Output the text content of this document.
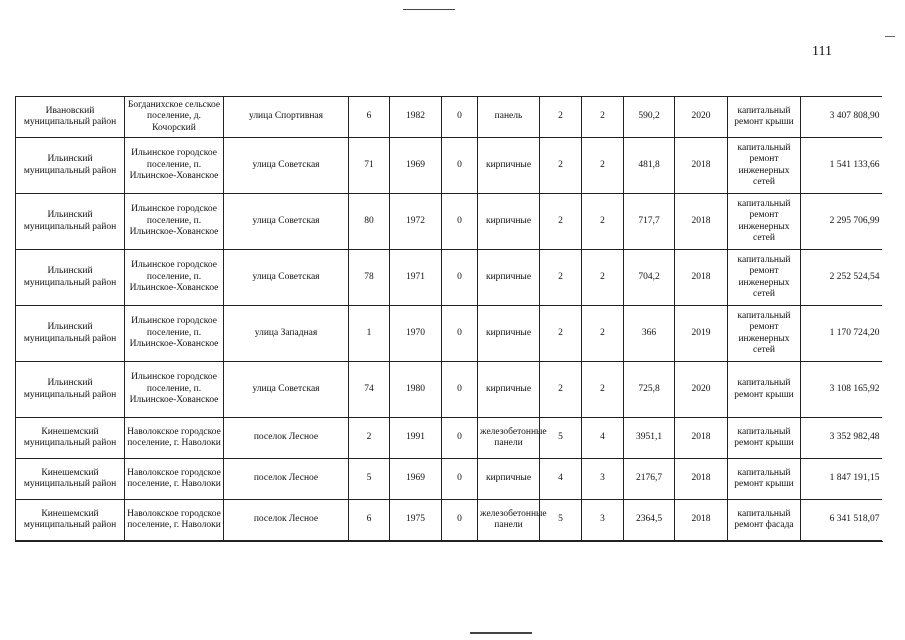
111
Ивановский муниципальный район	Богданихское сельское поселение, д. Кочорский	улица Спортивная	6	1982	0	панель	2	2	590,2	2020	капитальный ремонт крыши	3 407 808,90
Ильинский муниципальный район	Ильинское городское поселение, п. Ильинское-Хованское	улица Советская	71	1969	0	кирпичные	2	2	481,8	2018	капитальный ремонт инженерных сетей	1 541 133,66
Ильинский муниципальный район	Ильинское городское поселение, п. Ильинское-Хованское	улица Советская	80	1972	0	кирпичные	2	2	717,7	2018	капитальный ремонт инженерных сетей	2 295 706,99
Ильинский муниципальный район	Ильинское городское поселение, п. Ильинское-Хованское	улица Советская	78	1971	0	кирпичные	2	2	704,2	2018	капитальный ремонт инженерных сетей	2 252 524,54
Ильинский муниципальный район	Ильинское городское поселение, п. Ильинское-Хованское	улица Западная	1	1970	0	кирпичные	2	2	366	2019	капитальный ремонт инженерных сетей	1 170 724,20
Ильинский муниципальный район	Ильинское городское поселение, п. Ильинское-Хованское	улица Советская	74	1980	0	кирпичные	2	2	725,8	2020	капитальный ремонт крыши	3 108 165,92
Кинешемский муниципальный район	Наволокское городское поселение, г. Наволоки	поселок Лесное	2	1991	0	железобетонные панели	5	4	3951,1	2018	капитальный ремонт крыши	3 352 982,48
Кинешемский муниципальный район	Наволокское городское поселение, г. Наволоки	поселок Лесное	5	1969	0	кирпичные	4	3	2176,7	2018	капитальный ремонт крыши	1 847 191,15
Кинешемский муниципальный район	Наволокское городское поселение, г. Наволоки	поселок Лесное	6	1975	0	железобетонные панели	5	3	2364,5	2018	капитальный ремонт фасада	6 341 518,07
